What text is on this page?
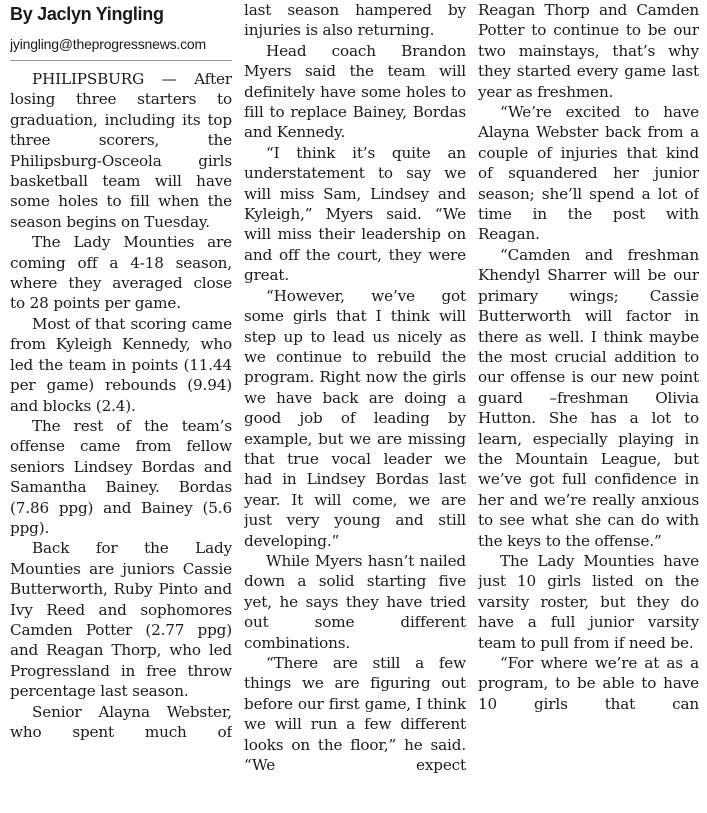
By Jaclyn Yingling
jyingling@theprogressnews.com

PHILIPSBURG — After losing three starters to graduation, including its top three scorers, the Philipsburg-Osceola girls basketball team will have some holes to fill when the season begins on Tuesday.

The Lady Mounties are coming off a 4-18 season, where they averaged close to 28 points per game.

Most of that scoring came from Kyleigh Kennedy, who led the team in points (11.44 per game) rebounds (9.94) and blocks (2.4).

The rest of the team’s offense came from fellow seniors Lindsey Bordas and Samantha Bainey. Bordas (7.86 ppg) and Bainey (5.6 ppg).

Back for the Lady Mounties are juniors Cassie Butterworth, Ruby Pinto and Ivy Reed and sophomores Camden Potter (2.77 ppg) and Reagan Thorp, who led Progressland in free throw percentage last season.

Senior Alayna Webster, who spent much of

last season hampered by injuries is also returning.

Head coach Brandon Myers said the team will definitely have some holes to fill to replace Bainey, Bordas and Kennedy.

“I think it’s quite an understatement to say we will miss Sam, Lindsey and Kyleigh,” Myers said. “We will miss their leadership on and off the court, they were great.

“However, we’ve got some girls that I think will step up to lead us nicely as we continue to rebuild the program. Right now the girls we have back are doing a good job of leading by example, but we are missing that true vocal leader we had in Lindsey Bordas last year. It will come, we are just very young and still developing.”

While Myers hasn’t nailed down a solid starting five yet, he says they have tried out some different combinations.

“There are still a few things we are figuring out before our first game, I think we will run a few different looks on the floor,” he said. “We expect

Reagan Thorp and Camden Potter to continue to be our two mainstays, that’s why they started every game last year as freshmen.

“We’re excited to have Alayna Webster back from a couple of injuries that kind of squandered her junior season; she’ll spend a lot of time in the post with Reagan.

“Camden and freshman Khendyl Sharrer will be our primary wings; Cassie Butterworth will factor in there as well. I think maybe the most crucial addition to our offense is our new point guard –freshman Olivia Hutton. She has a lot to learn, especially playing in the Mountain League, but we’ve got full confidence in her and we’re really anxious to see what she can do with the keys to the offense.”

The Lady Mounties have just 10 girls listed on the varsity roster, but they do have a full junior varsity team to pull from if need be.

“For where we’re at as a program, to be able to have 10 girls that can
